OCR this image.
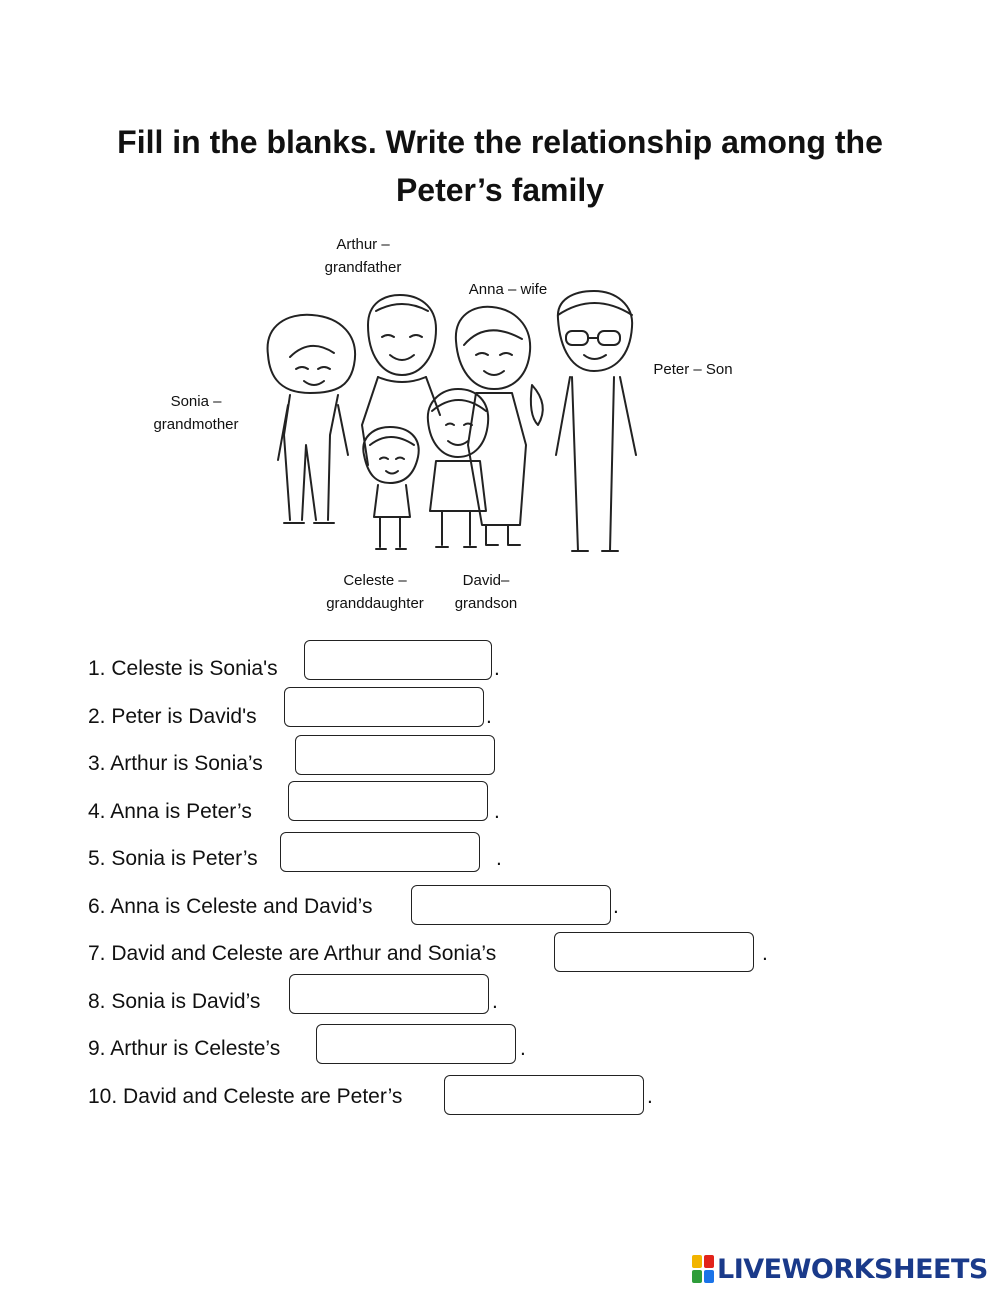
Fill in the blanks. Write the relationship among the
Peter’s family
Arthur –
grandfather
Anna – wife
Peter – Son
Sonia –
grandmother
Celeste –
granddaughter
David–
grandson
1. Celeste is Sonia's	.
2. Peter is David's	.
3. Arthur is Sonia’s
4. Anna is Peter’s	.
5. Sonia is Peter’s	.
6. Anna is Celeste and David’s	.
7. David and Celeste are Arthur and Sonia’s	.
8. Sonia is David’s	.
9. Arthur is Celeste’s	.
10. David and Celeste are Peter’s	.
LIVEWORKSHEETS
